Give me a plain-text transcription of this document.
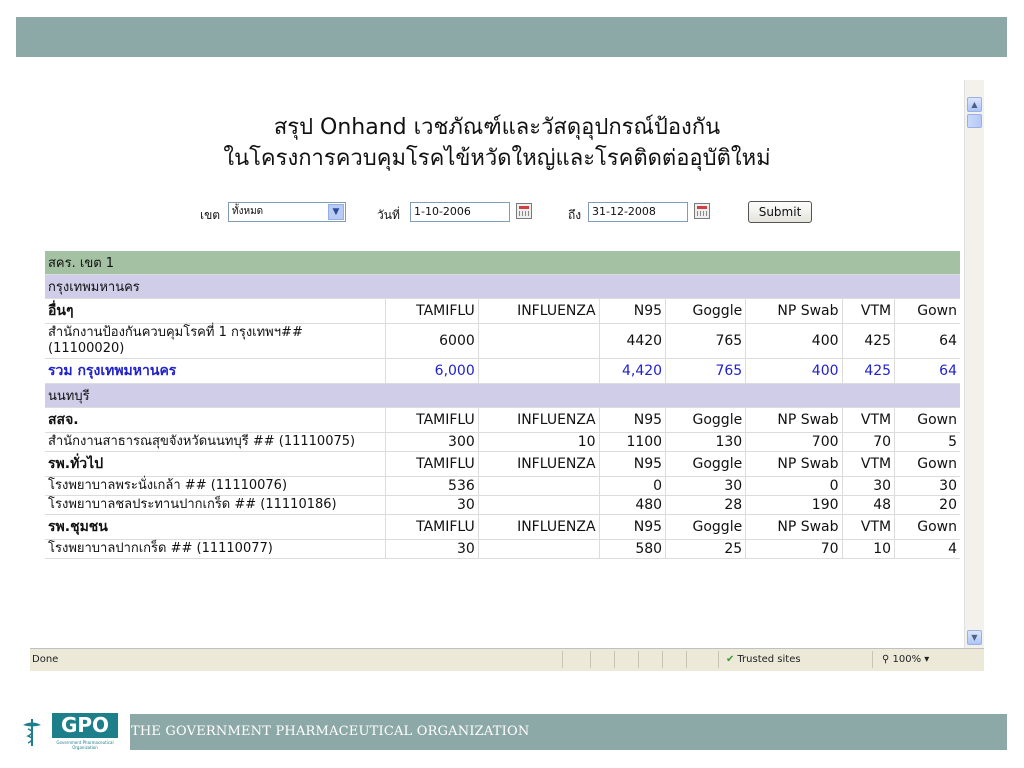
สรุป Onhand เวชภัณฑ์และวัสดุอุปกรณ์ป้องกัน
ในโครงการควบคุมโรคไข้หวัดใหญ่และโรคติดต่ออุบัติใหม่
เขต	ทั้งหมด	▼	วันที่	1-10-2006	ถึง 31-12-2008	Submit
สคร. เขต 1							
กรุงเทพมหานคร							
อื่นๆ	TAMIFLU	INFLUENZA	N95	Goggle	NP Swab	VTM	Gown
สำนักงานป้องกันควบคุมโรคที่ 1 กรุงเทพฯ## (11100020)	6000		4420	765	400	425	64
รวม กรุงเทพมหานคร	6,000		4,420	765	400	425	64
นนทบุรี							
สสจ.	TAMIFLU	INFLUENZA	N95	Goggle	NP Swab	VTM	Gown
สำนักงานสาธารณสุขจังหวัดนนทบุรี ## (11110075)	300	10	1100	130	700	70	5
รพ.ทั่วไป	TAMIFLU	INFLUENZA	N95	Goggle	NP Swab	VTM	Gown
โรงพยาบาลพระนั่งเกล้า ## (11110076)	536		0	30	0	30	30
โรงพยาบาลชลประทานปากเกร็ด ## (11110186)	30		480	28	190	48	20
รพ.ชุมชน	TAMIFLU	INFLUENZA	N95	Goggle	NP Swab	VTM	Gown
โรงพยาบาลปากเกร็ด ## (11110077)	30		580	25	70	10	4
▲
▼
Done	✔ Trusted sites	⚲ 100% ▾
GPO
Government Pharmaceutical Organization
THE GOVERNMENT PHARMACEUTICAL ORGANIZATION
